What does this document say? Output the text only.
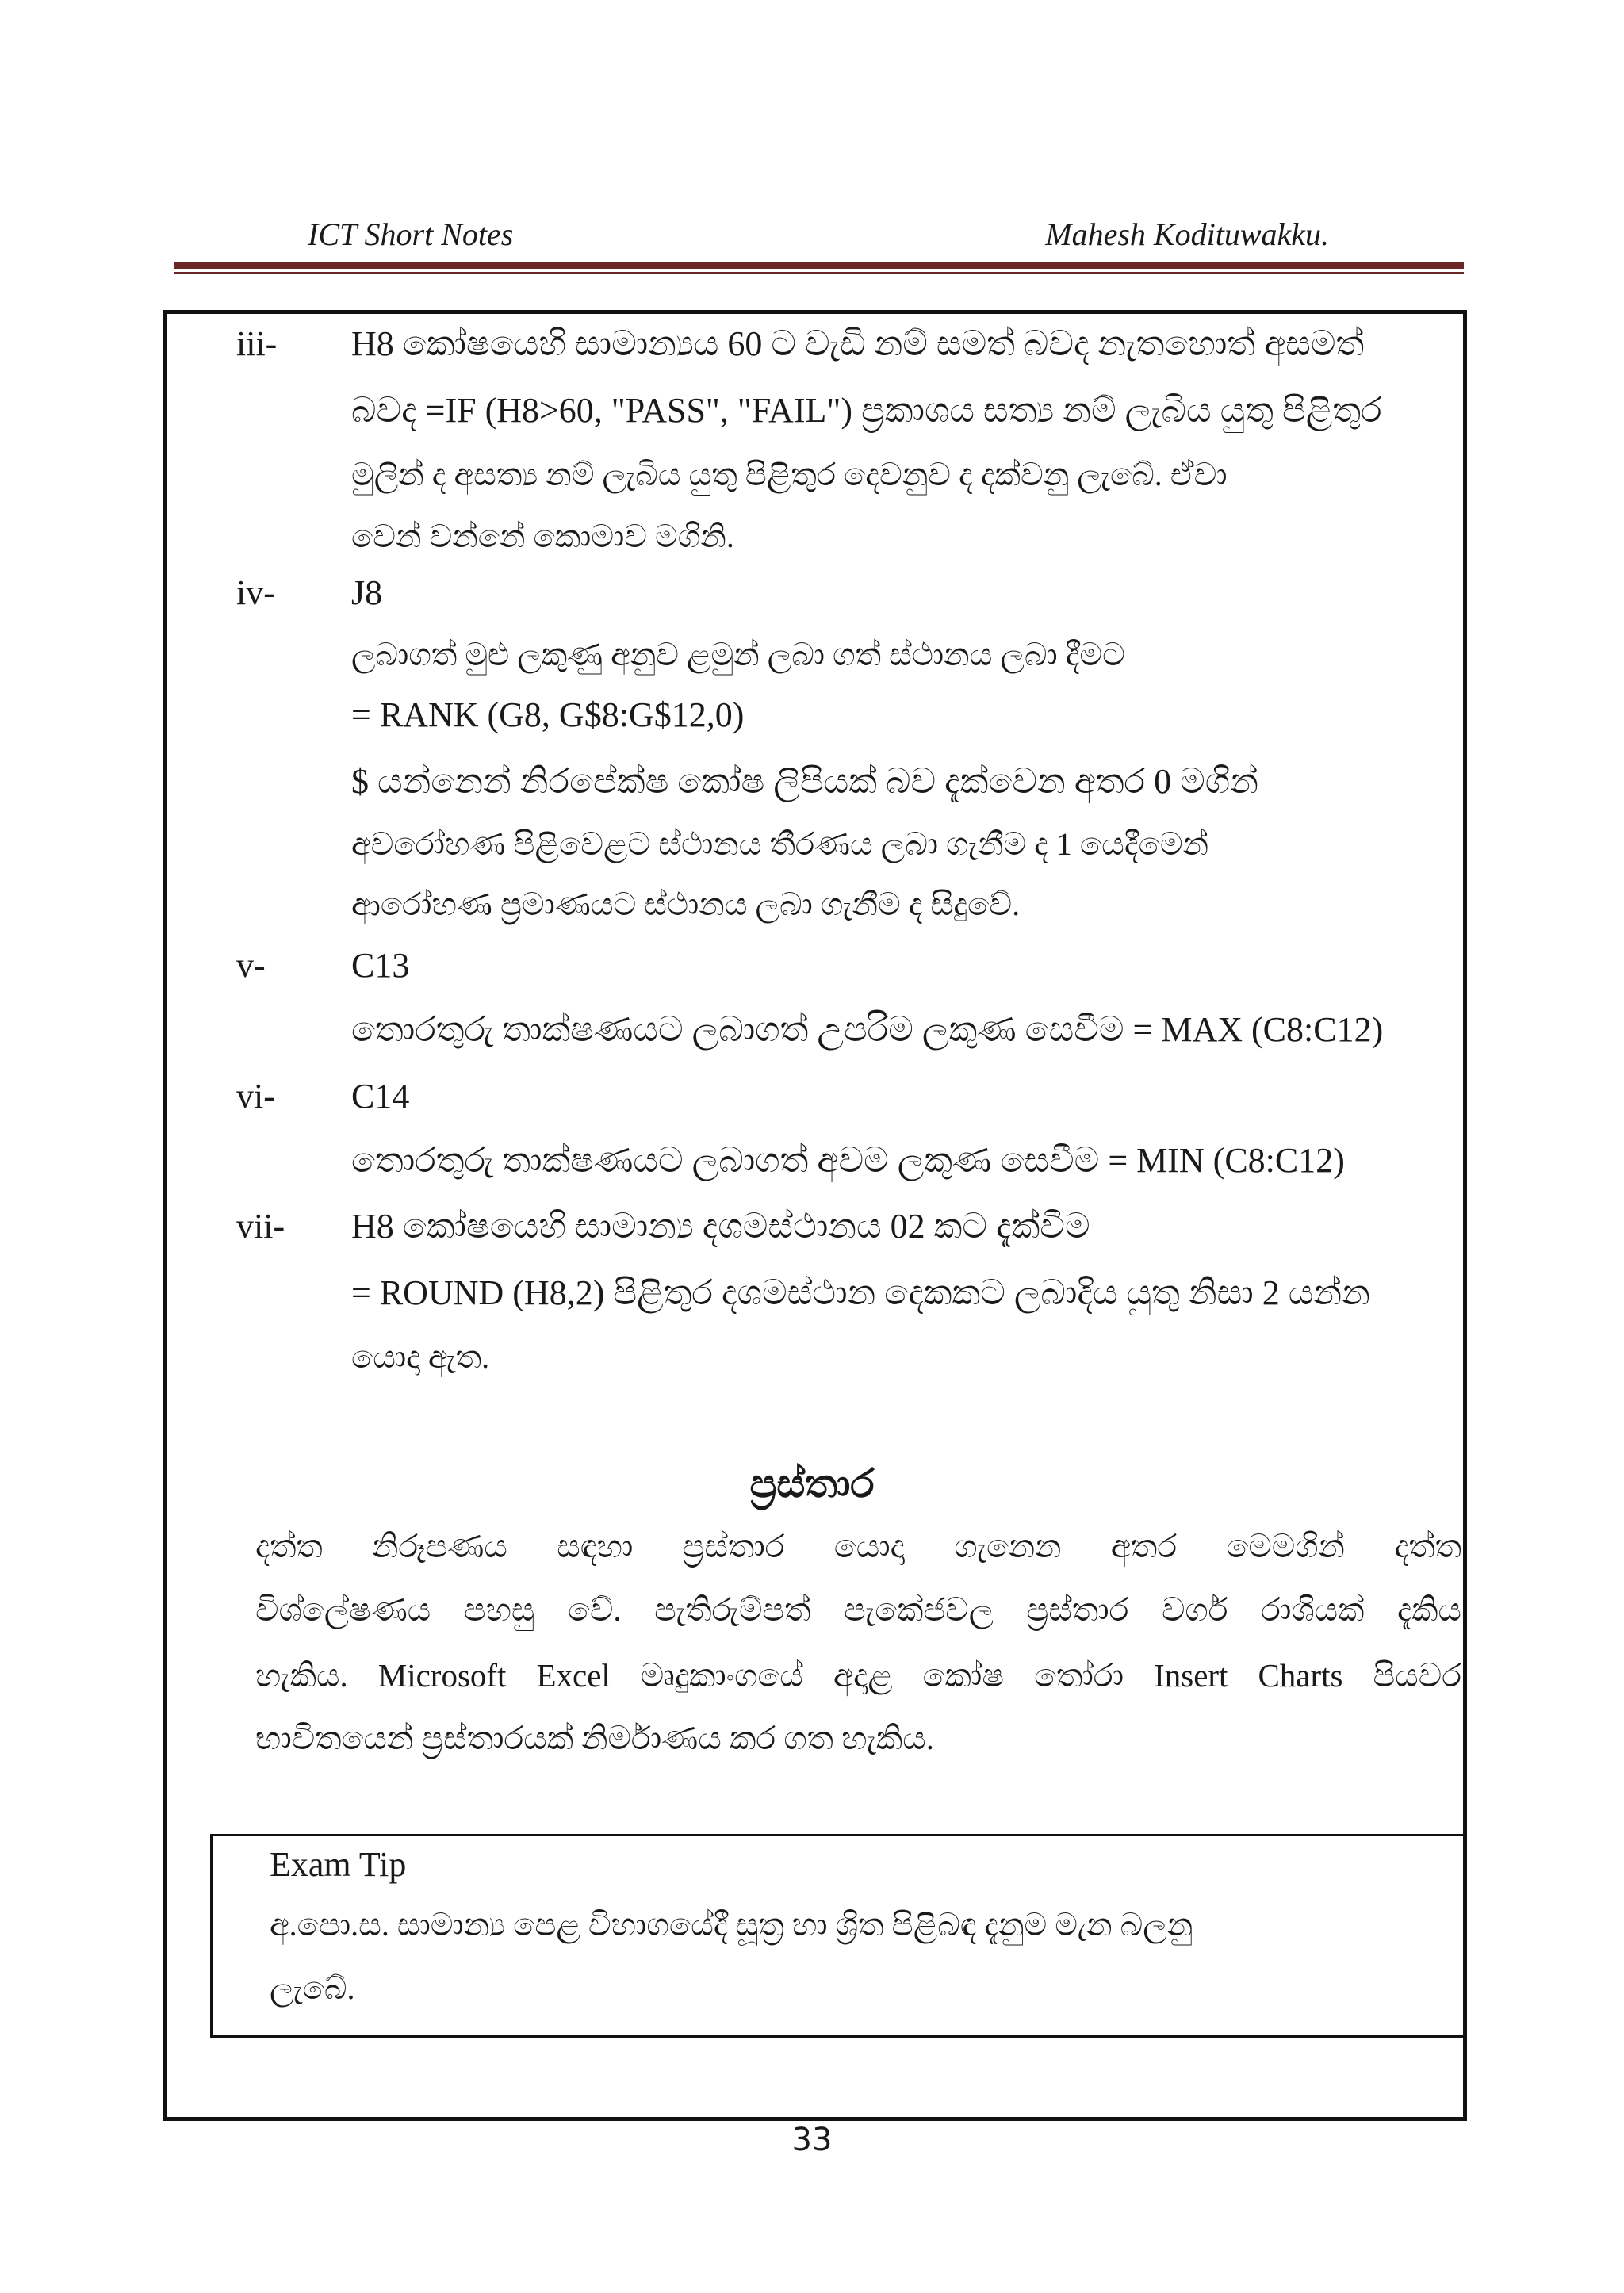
ICT Short Notes	Mahesh Kodituwakku.
iii- H8 කෝෂයෙහි සාමාන්‍යය 60 ට වැඩි නම් සමත් බවද නැතහොත් අසමත්
බවද =IF (H8>60, "PASS", "FAIL") ප්‍රකාශය සත්‍ය නම් ලැබිය යුතු පිළිතුර
මුලින් ද අසත්‍ය නම් ලැබිය යුතු පිළිතුර දෙවනුව ද දක්වනු ලැබේ. ඒවා
වෙන් වන්නේ කොමාව මගිනි.
iv- J8
ලබාගත් මුළු ලකුණු අනුව ළමුන් ලබා ගත් ස්ථානය ලබා දීමට
= RANK (G8, G$8:G$12,0)
$ යන්නෙන් නිරපේක්ෂ කෝෂ ලිපියක් බව දැක්වෙන අතර 0 මගින්
අවරෝහණ පිළිවෙළට ස්ථානය තීරණය ලබා ගැනීම ද 1 යෙදීමෙන්
ආරෝහණ ප්‍රමාණයට ස්ථානය ලබා ගැනීම ද සිදුවේ.
v- C13
තොරතුරු තාක්ෂණයට ලබාගත් උපරිම ලකුණ සෙවීම = MAX (C8:C12)
vi- C14
තොරතුරු තාක්ෂණයට ලබාගත් අවම ලකුණ සෙවීම = MIN (C8:C12)
vii- H8 කෝෂයෙහි සාමාන්‍ය දශමස්ථානය 02 කට දැක්වීම
= ROUND (H8,2) පිළිතුර දශමස්ථාන දෙකකට ලබාදිය යුතු නිසා 2 යන්න
යොදා ඇත.
ප්‍රස්තාර
දත්ත නිරූපණය සඳහා ප්‍රස්තාර යොදා ගැනෙන අතර මෙමගින් දත්ත
විශ්ලේෂණය පහසු වේ. පැතිරුම්පත් පැකේජවල ප්‍රස්තාර වර්ග රාශියක් දැකිය
හැකිය. Microsoft Excel මෘදුකාංගයේ අදාළ කෝෂ තෝරා Insert Charts පියවර
භාවිතයෙන් ප්‍රස්තාරයක් නිර්මාණය කර ගත හැකිය.
Exam Tip
අ.පො.ස. සාමාන්‍ය පෙළ විභාගයේදී සූත්‍ර හා ශ්‍රිත පිළිබඳ දැනුම මැන බලනු
ලැබේ.
33
